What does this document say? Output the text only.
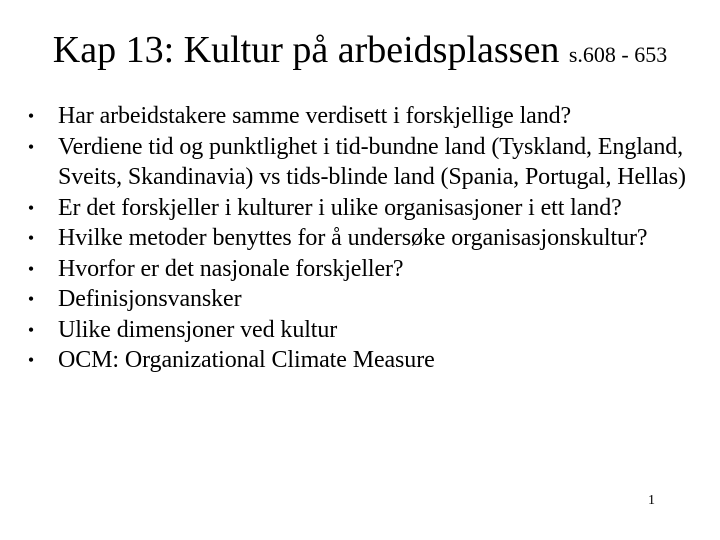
Kap 13: Kultur på arbeidsplassen s.608 - 653
• Har arbeidstakere samme verdisett i forskjellige land?
• Verdiene tid og punktlighet i tid-bundne land (Tyskland, England, Sveits, Skandinavia) vs tids-blinde land (Spania, Portugal, Hellas)
• Er det forskjeller i kulturer i ulike organisasjoner i ett land?
• Hvilke metoder benyttes for å undersøke organisasjonskultur?
• Hvorfor er det nasjonale forskjeller?
• Definisjonsvansker
• Ulike dimensjoner ved kultur
• OCM: Organizational Climate Measure
1
